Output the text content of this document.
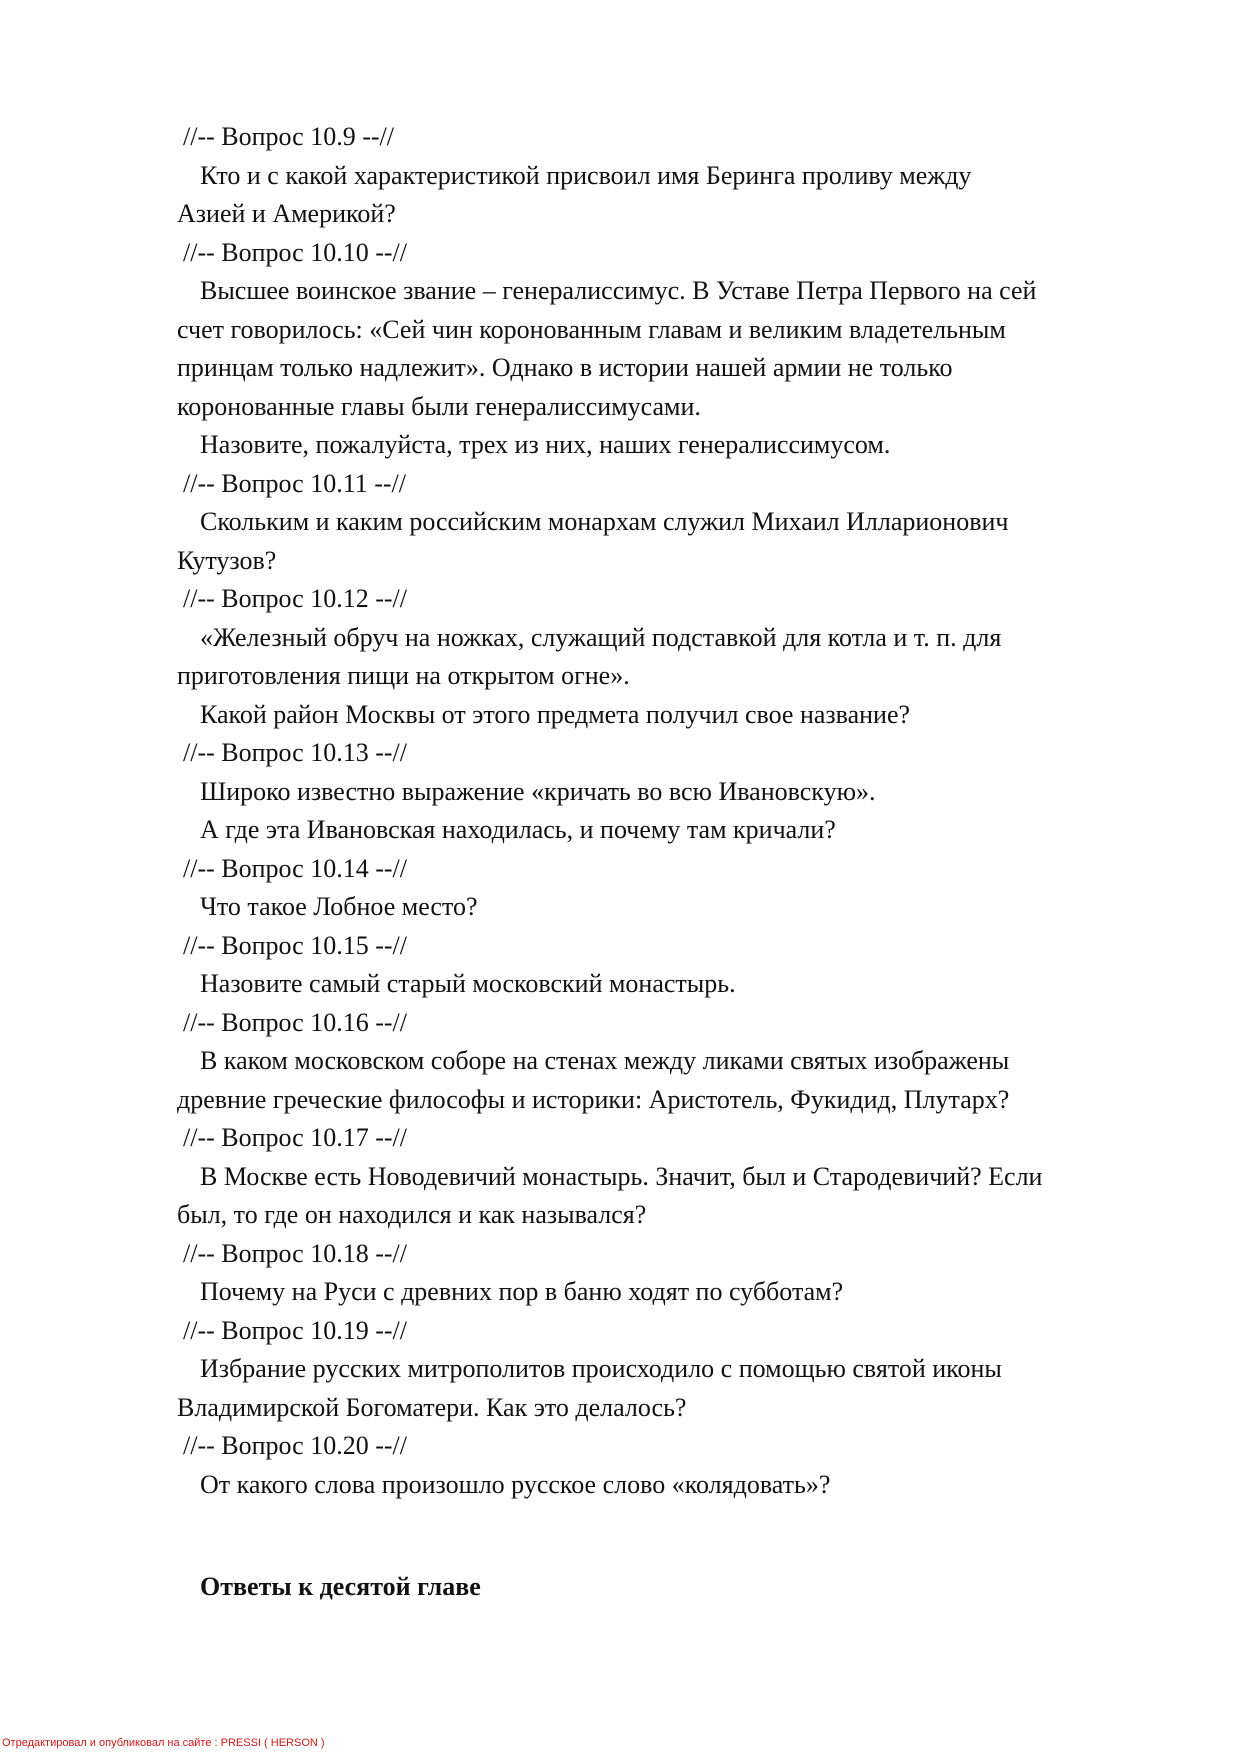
//-- Вопрос 10.9 --//
Кто и с какой характеристикой присвоил имя Беринга проливу между
Азией и Америкой?
//-- Вопрос 10.10 --//
Высшее воинское звание – генералиссимус. В Уставе Петра Первого на сей
счет говорилось: «Сей чин коронованным главам и великим владетельным
принцам только надлежит». Однако в истории нашей армии не только
коронованные главы были генералиссимусами.
Назовите, пожалуйста, трех из них, наших генералиссимусом.
//-- Вопрос 10.11 --//
Скольким и каким российским монархам служил Михаил Илларионович
Кутузов?
//-- Вопрос 10.12 --//
«Железный обруч на ножках, служащий подставкой для котла и т. п. для
приготовления пищи на открытом огне».
Какой район Москвы от этого предмета получил свое название?
//-- Вопрос 10.13 --//
Широко известно выражение «кричать во всю Ивановскую».
А где эта Ивановская находилась, и почему там кричали?
//-- Вопрос 10.14 --//
Что такое Лобное место?
//-- Вопрос 10.15 --//
Назовите самый старый московский монастырь.
//-- Вопрос 10.16 --//
В каком московском соборе на стенах между ликами святых изображены
древние греческие философы и историки: Аристотель, Фукидид, Плутарх?
//-- Вопрос 10.17 --//
В Москве есть Новодевичий монастырь. Значит, был и Стародевичий? Если
был, то где он находился и как назывался?
//-- Вопрос 10.18 --//
Почему на Руси с древних пор в баню ходят по субботам?
//-- Вопрос 10.19 --//
Избрание русских митрополитов происходило с помощью святой иконы
Владимирской Богоматери. Как это делалось?
//-- Вопрос 10.20 --//
От какого слова произошло русское слово «колядовать»?
Ответы к десятой главе
Отредактировал и опубликовал на сайте : PRESSI ( HERSON )
